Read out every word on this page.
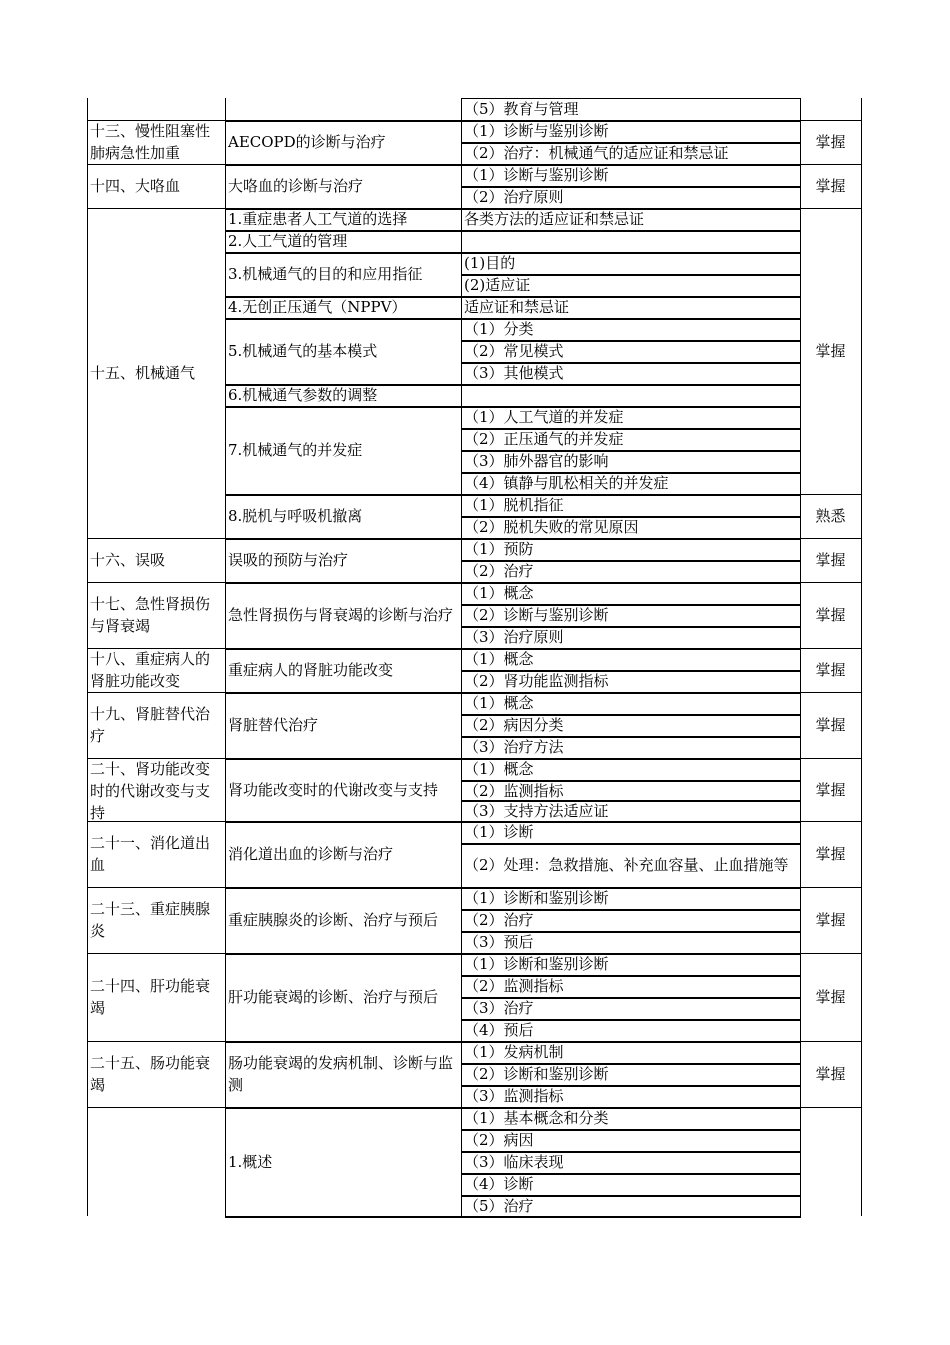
（5）教育与管理
AECOPD的诊断与治疗
（1）诊断与鉴别诊断
（2）治疗：机械通气的适应证和禁忌证
掌握
大咯血的诊断与治疗
（1）诊断与鉴别诊断
（2）治疗原则
掌握
1.重症患者人工气道的选择	各类方法的适应证和禁忌证
2.人工气道的管理
3.机械通气的目的和应用指征
(1)目的
(2)适应证
4.无创正压通气（NPPV）	适应证和禁忌证
5.机械通气的基本模式
（1）分类
（2）常见模式
（3）其他模式
6.机械通气参数的调整
7.机械通气的并发症
（1）人工气道的并发症
（2）正压通气的并发症
（3）肺外器官的影响
（4）镇静与肌松相关的并发症
掌握
8.脱机与呼吸机撤离
（1）脱机指征
（2）脱机失败的常见原因
熟悉
误吸的预防与治疗
（1）预防
（2）治疗
掌握
急性肾损伤与肾衰竭的诊断与治疗
（1）概念
（2）诊断与鉴别诊断
（3）治疗原则
掌握
重症病人的肾脏功能改变
（1）概念
（2）肾功能监测指标
掌握
肾脏替代治疗
（1）概念
（2）病因分类
（3）治疗方法
掌握
肾功能改变时的代谢改变与支持
（1）概念
（2）监测指标
（3）支持方法适应证
掌握
消化道出血的诊断与治疗
（1）诊断
（2）处理：急救措施、补充血容量、止血措施等
掌握
重症胰腺炎的诊断、治疗与预后
（1）诊断和鉴别诊断
（2）治疗
（3）预后
掌握
肝功能衰竭的诊断、治疗与预后
（1）诊断和鉴别诊断
（2）监测指标
（3）治疗
（4）预后
掌握
肠功能衰竭的发病机制、诊断与监测
（1）发病机制
（2）诊断和鉴别诊断
（3）监测指标
掌握
1.概述
（1）基本概念和分类
（2）病因
（3）临床表现
（4）诊断
（5）治疗
十三、慢性阻塞性肺病急性加重
十四、大咯血
十五、机械通气
十六、误吸
十七、急性肾损伤与肾衰竭
十八、重症病人的肾脏功能改变
十九、肾脏替代治疗
二十、肾功能改变时的代谢改变与支持
二十一、消化道出血
二十三、重症胰腺炎
二十四、肝功能衰竭
二十五、肠功能衰竭
